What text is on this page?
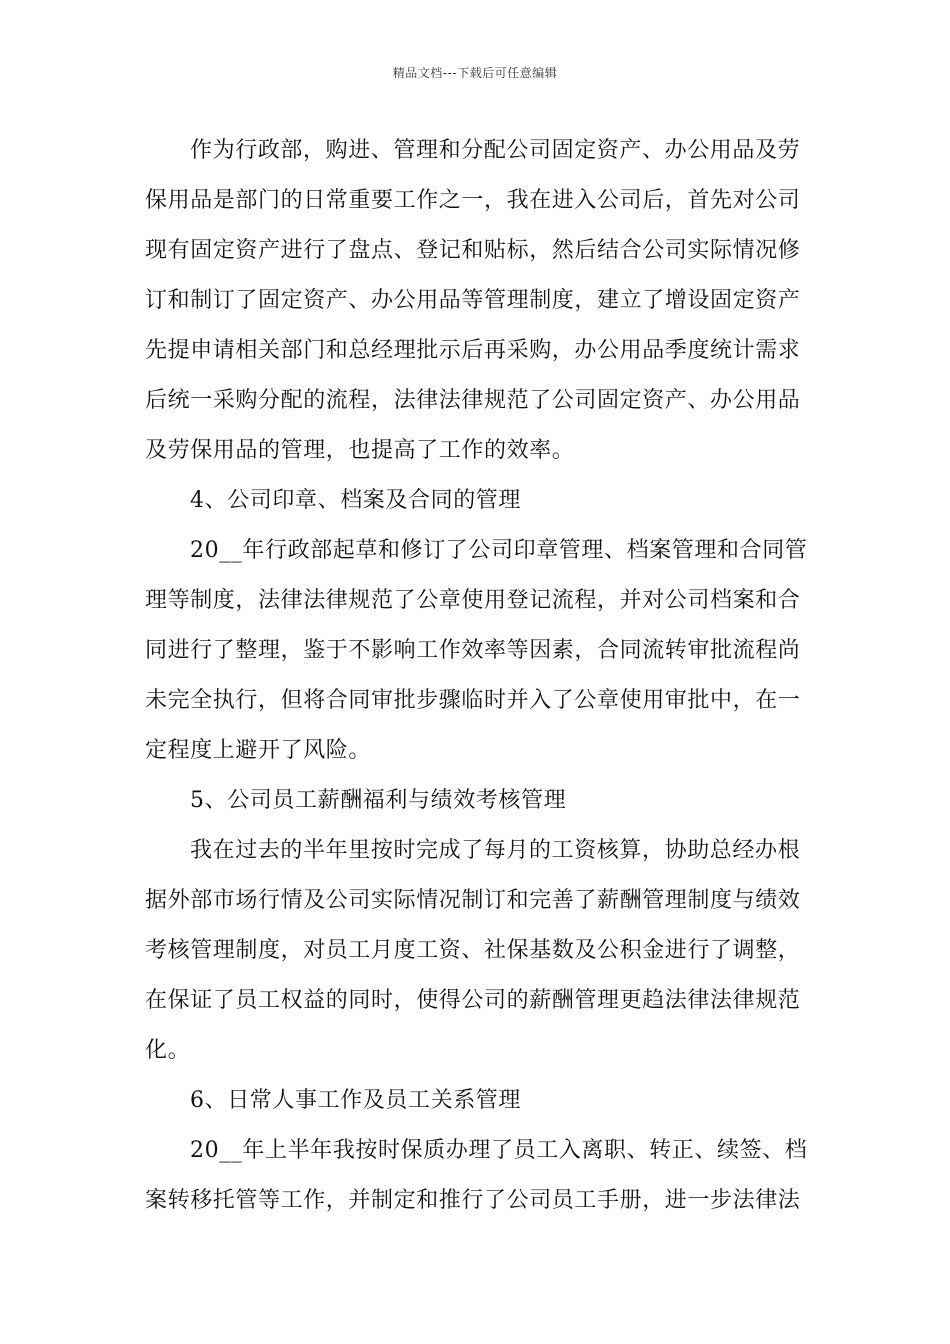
精品文档---下载后可任意编辑
作为行政部，购进、管理和分配公司固定资产、办公用品及劳
保用品是部门的日常重要工作之一，我在进入公司后，首先对公司
现有固定资产进行了盘点、登记和贴标，然后结合公司实际情况修
订和制订了固定资产、办公用品等管理制度，建立了增设固定资产
先提申请相关部门和总经理批示后再采购，办公用品季度统计需求
后统一采购分配的流程，法律法律规范了公司固定资产、办公用品
及劳保用品的管理，也提高了工作的效率。
4、公司印章、档案及合同的管理
20__年行政部起草和修订了公司印章管理、档案管理和合同管
理等制度，法律法律规范了公章使用登记流程，并对公司档案和合
同进行了整理，鉴于不影响工作效率等因素，合同流转审批流程尚
未完全执行，但将合同审批步骤临时并入了公章使用审批中，在一
定程度上避开了风险。
5、公司员工薪酬福利与绩效考核管理
我在过去的半年里按时完成了每月的工资核算，协助总经办根
据外部市场行情及公司实际情况制订和完善了薪酬管理制度与绩效
考核管理制度，对员工月度工资、社保基数及公积金进行了调整，
在保证了员工权益的同时，使得公司的薪酬管理更趋法律法律规范
化。
6、日常人事工作及员工关系管理
20__年上半年我按时保质办理了员工入离职、转正、续签、档
案转移托管等工作，并制定和推行了公司员工手册，进一步法律法
